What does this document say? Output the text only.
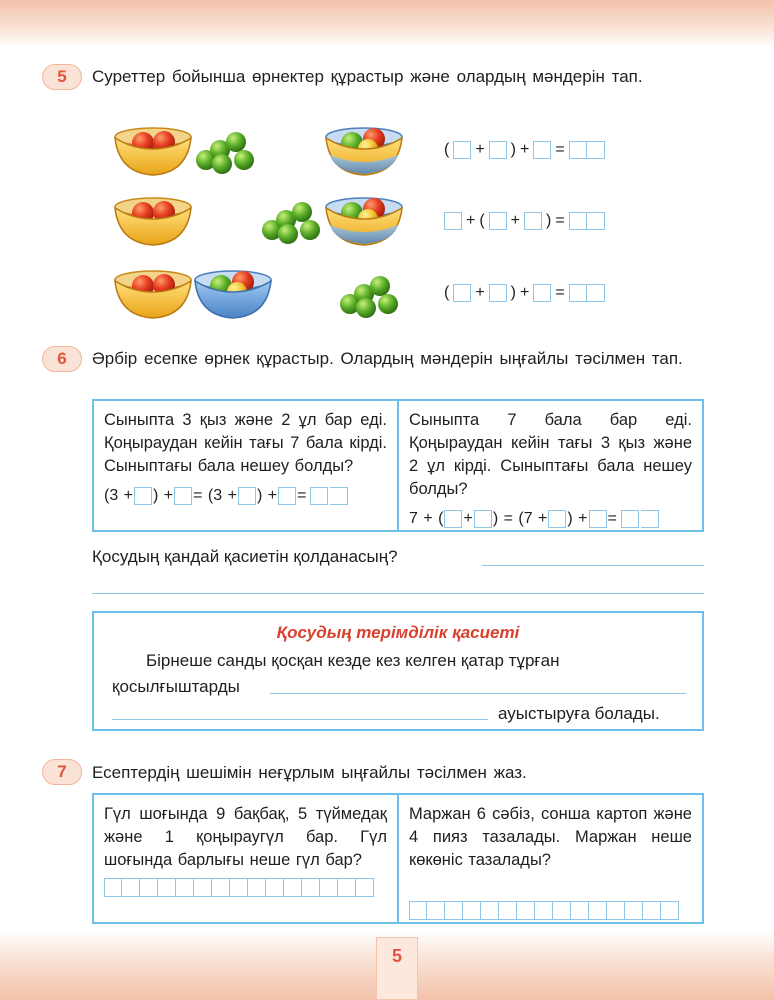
5	Суреттер бойынша өрнектер құрастыр және олардың мәндерін тап.
( + ) + =
+ ( + ) =
( + ) + =
6	Әрбір есепке өрнек құрастыр. Олардың мәндерін ыңғайлы тәсілмен тап.
Сыныпта 3 қыз және 2 ұл бар еді. Қоңыраудан кейін тағы 7 бала кірді. Сыныптағы бала нешеу болды?
(3 + ) + = (3 + ) + =
Сыныпта 7 бала бар еді. Қоңыраудан кейін тағы 3 қыз және 2 ұл кірді. Сыныптағы бала нешеу болды?
7 + ( + ) = (7 + ) + =
Қосудың қандай қасиетін қолданасың?
Қосудың терімділік қасиеті
Бірнеше санды қосқан кезде кез келген қатар тұрған
қосылғыштарды
ауыстыруға болады.
7	Есептердің шешімін неғұрлым ыңғайлы тәсілмен жаз.
Гүл шоғында 9 бақбақ, 5 түймедақ және 1 қоңыраугүл бар. Гүл шоғында барлығы неше гүл бар?
Маржан 6 сәбіз, сонша картоп және 4 пияз тазалады. Маржан неше көкөніс тазалады?
5
